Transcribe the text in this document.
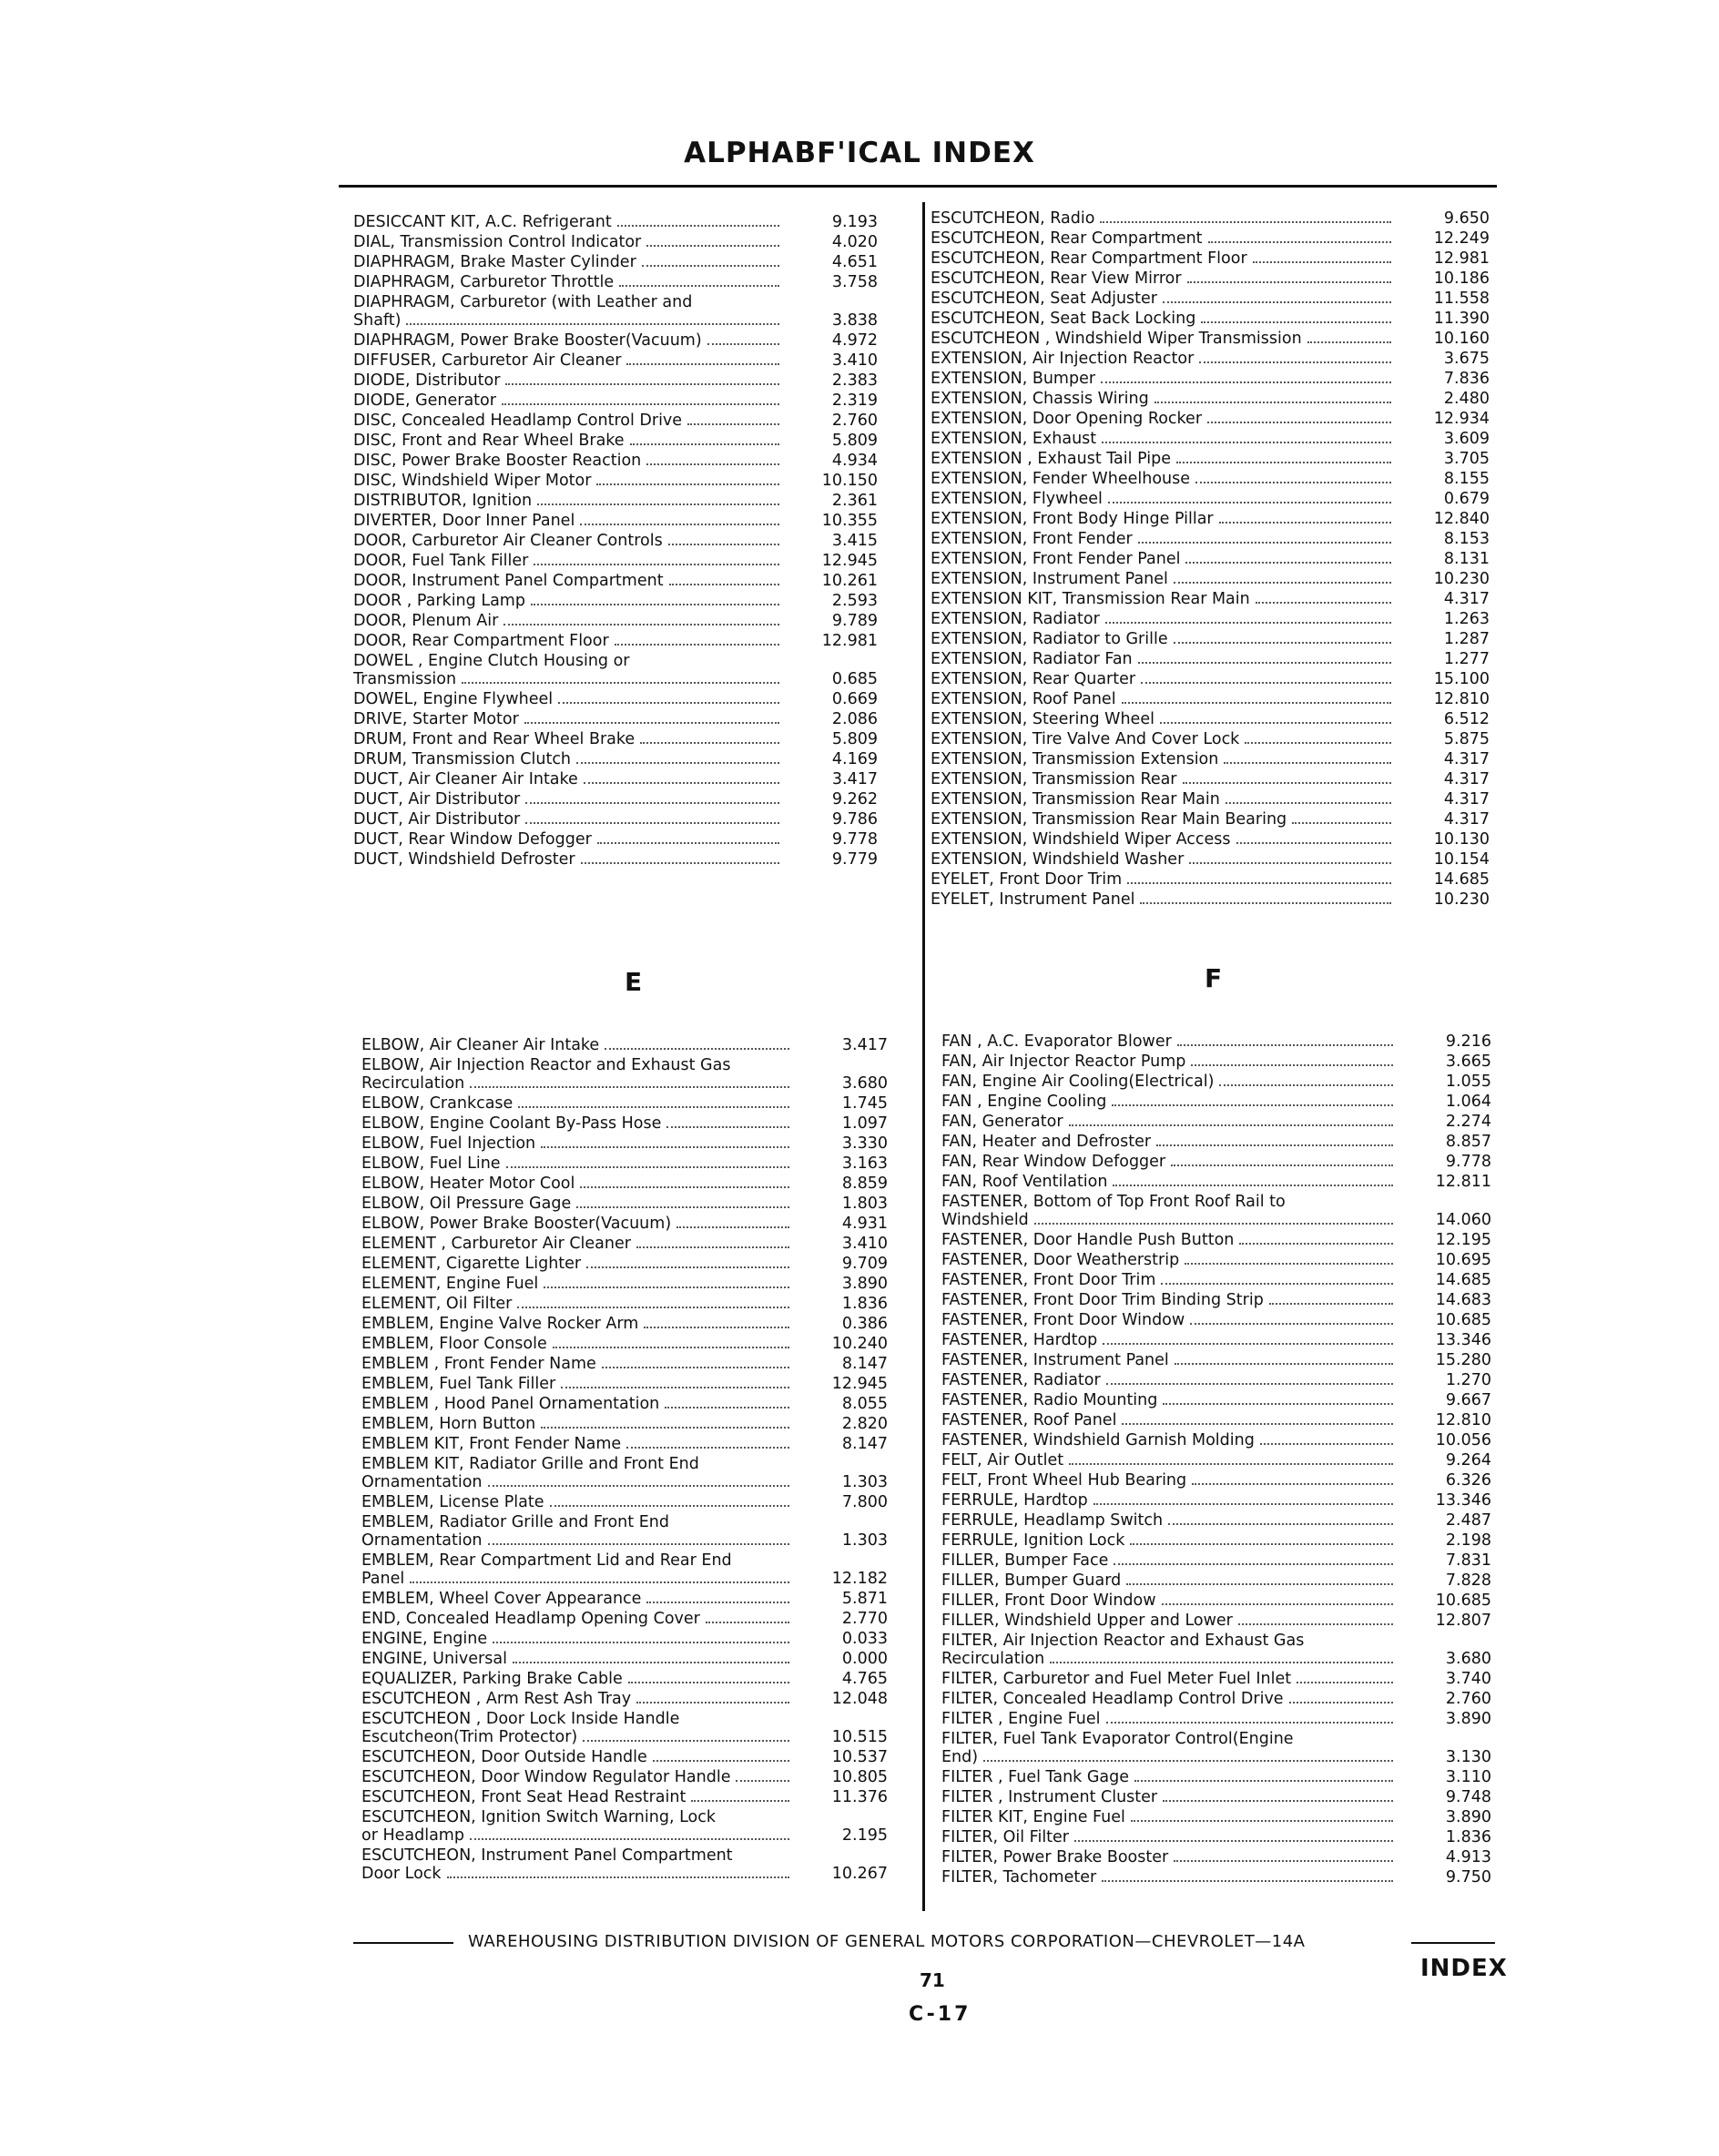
ALPHABF'ICAL INDEX
DESICCANT KIT, A.C. Refrigerant	9.193
DIAL, Transmission Control Indicator	4.020
DIAPHRAGM, Brake Master Cylinder	4.651
DIAPHRAGM, Carburetor Throttle	3.758
DIAPHRAGM, Carburetor (with Leather and
Shaft)	3.838
DIAPHRAGM, Power Brake Booster(Vacuum)	4.972
DIFFUSER, Carburetor Air Cleaner	3.410
DIODE, Distributor	2.383
DIODE, Generator	2.319
DISC, Concealed Headlamp Control Drive	2.760
DISC, Front and Rear Wheel Brake	5.809
DISC, Power Brake Booster Reaction	4.934
DISC, Windshield Wiper Motor	10.150
DISTRIBUTOR, Ignition	2.361
DIVERTER, Door Inner Panel	10.355
DOOR, Carburetor Air Cleaner Controls	3.415
DOOR, Fuel Tank Filler	12.945
DOOR, Instrument Panel Compartment	10.261
DOOR , Parking Lamp	2.593
DOOR, Plenum Air	9.789
DOOR, Rear Compartment Floor	12.981
DOWEL , Engine Clutch Housing or
Transmission	0.685
DOWEL, Engine Flywheel	0.669
DRIVE, Starter Motor	2.086
DRUM, Front and Rear Wheel Brake	5.809
DRUM, Transmission Clutch	4.169
DUCT, Air Cleaner Air Intake	3.417
DUCT, Air Distributor	9.262
DUCT, Air Distributor	9.786
DUCT, Rear Window Defogger	9.778
DUCT, Windshield Defroster	9.779
ESCUTCHEON, Radio	9.650
ESCUTCHEON, Rear Compartment	12.249
ESCUTCHEON, Rear Compartment Floor	12.981
ESCUTCHEON, Rear View Mirror	10.186
ESCUTCHEON, Seat Adjuster	11.558
ESCUTCHEON, Seat Back Locking	11.390
ESCUTCHEON , Windshield Wiper Transmission	10.160
EXTENSION, Air Injection Reactor	3.675
EXTENSION, Bumper	7.836
EXTENSION, Chassis Wiring	2.480
EXTENSION, Door Opening Rocker	12.934
EXTENSION, Exhaust	3.609
EXTENSION , Exhaust Tail Pipe	3.705
EXTENSION, Fender Wheelhouse	8.155
EXTENSION, Flywheel	0.679
EXTENSION, Front Body Hinge Pillar	12.840
EXTENSION, Front Fender	8.153
EXTENSION, Front Fender Panel	8.131
EXTENSION, Instrument Panel	10.230
EXTENSION KIT, Transmission Rear Main	4.317
EXTENSION, Radiator	1.263
EXTENSION, Radiator to Grille	1.287
EXTENSION, Radiator Fan	1.277
EXTENSION, Rear Quarter	15.100
EXTENSION, Roof Panel	12.810
EXTENSION, Steering Wheel	6.512
EXTENSION, Tire Valve And Cover Lock	5.875
EXTENSION, Transmission Extension	4.317
EXTENSION, Transmission Rear	4.317
EXTENSION, Transmission Rear Main	4.317
EXTENSION, Transmission Rear Main Bearing	4.317
EXTENSION, Windshield Wiper Access	10.130
EXTENSION, Windshield Washer	10.154
EYELET, Front Door Trim	14.685
EYELET, Instrument Panel	10.230
E	F
ELBOW, Air Cleaner Air Intake	3.417
ELBOW, Air Injection Reactor and Exhaust Gas
Recirculation	3.680
ELBOW, Crankcase	1.745
ELBOW, Engine Coolant By-Pass Hose	1.097
ELBOW, Fuel Injection	3.330
ELBOW, Fuel Line	3.163
ELBOW, Heater Motor Cool	8.859
ELBOW, Oil Pressure Gage	1.803
ELBOW, Power Brake Booster(Vacuum)	4.931
ELEMENT , Carburetor Air Cleaner	3.410
ELEMENT, Cigarette Lighter	9.709
ELEMENT, Engine Fuel	3.890
ELEMENT, Oil Filter	1.836
EMBLEM, Engine Valve Rocker Arm	0.386
EMBLEM, Floor Console	10.240
EMBLEM , Front Fender Name	8.147
EMBLEM, Fuel Tank Filler	12.945
EMBLEM , Hood Panel Ornamentation	8.055
EMBLEM, Horn Button	2.820
EMBLEM KIT, Front Fender Name	8.147
EMBLEM KIT, Radiator Grille and Front End
Ornamentation	1.303
EMBLEM, License Plate	7.800
EMBLEM, Radiator Grille and Front End
Ornamentation	1.303
EMBLEM, Rear Compartment Lid and Rear End
Panel	12.182
EMBLEM, Wheel Cover Appearance	5.871
END, Concealed Headlamp Opening Cover	2.770
ENGINE, Engine	0.033
ENGINE, Universal	0.000
EQUALIZER, Parking Brake Cable	4.765
ESCUTCHEON , Arm Rest Ash Tray	12.048
ESCUTCHEON , Door Lock Inside Handle
Escutcheon(Trim Protector)	10.515
ESCUTCHEON, Door Outside Handle	10.537
ESCUTCHEON, Door Window Regulator Handle	10.805
ESCUTCHEON, Front Seat Head Restraint	11.376
ESCUTCHEON, Ignition Switch Warning, Lock
or Headlamp	2.195
ESCUTCHEON, Instrument Panel Compartment
Door Lock	10.267
FAN , A.C. Evaporator Blower	9.216
FAN, Air Injector Reactor Pump	3.665
FAN, Engine Air Cooling(Electrical)	1.055
FAN , Engine Cooling	1.064
FAN, Generator	2.274
FAN, Heater and Defroster	8.857
FAN, Rear Window Defogger	9.778
FAN, Roof Ventilation	12.811
FASTENER, Bottom of Top Front Roof Rail to
Windshield	14.060
FASTENER, Door Handle Push Button	12.195
FASTENER, Door Weatherstrip	10.695
FASTENER, Front Door Trim	14.685
FASTENER, Front Door Trim Binding Strip	14.683
FASTENER, Front Door Window	10.685
FASTENER, Hardtop	13.346
FASTENER, Instrument Panel	15.280
FASTENER, Radiator	1.270
FASTENER, Radio Mounting	9.667
FASTENER, Roof Panel	12.810
FASTENER, Windshield Garnish Molding	10.056
FELT, Air Outlet	9.264
FELT, Front Wheel Hub Bearing	6.326
FERRULE, Hardtop	13.346
FERRULE, Headlamp Switch	2.487
FERRULE, Ignition Lock	2.198
FILLER, Bumper Face	7.831
FILLER, Bumper Guard	7.828
FILLER, Front Door Window	10.685
FILLER, Windshield Upper and Lower	12.807
FILTER, Air Injection Reactor and Exhaust Gas
Recirculation	3.680
FILTER, Carburetor and Fuel Meter Fuel Inlet	3.740
FILTER, Concealed Headlamp Control Drive	2.760
FILTER , Engine Fuel	3.890
FILTER, Fuel Tank Evaporator Control(Engine
End)	3.130
FILTER , Fuel Tank Gage	3.110
FILTER , Instrument Cluster	9.748
FILTER KIT, Engine Fuel	3.890
FILTER, Oil Filter	1.836
FILTER, Power Brake Booster	4.913
FILTER, Tachometer	9.750
WAREHOUSING DISTRIBUTION DIVISION OF GENERAL MOTORS CORPORATION—CHEVROLET—14A
INDEX
71
C-17
